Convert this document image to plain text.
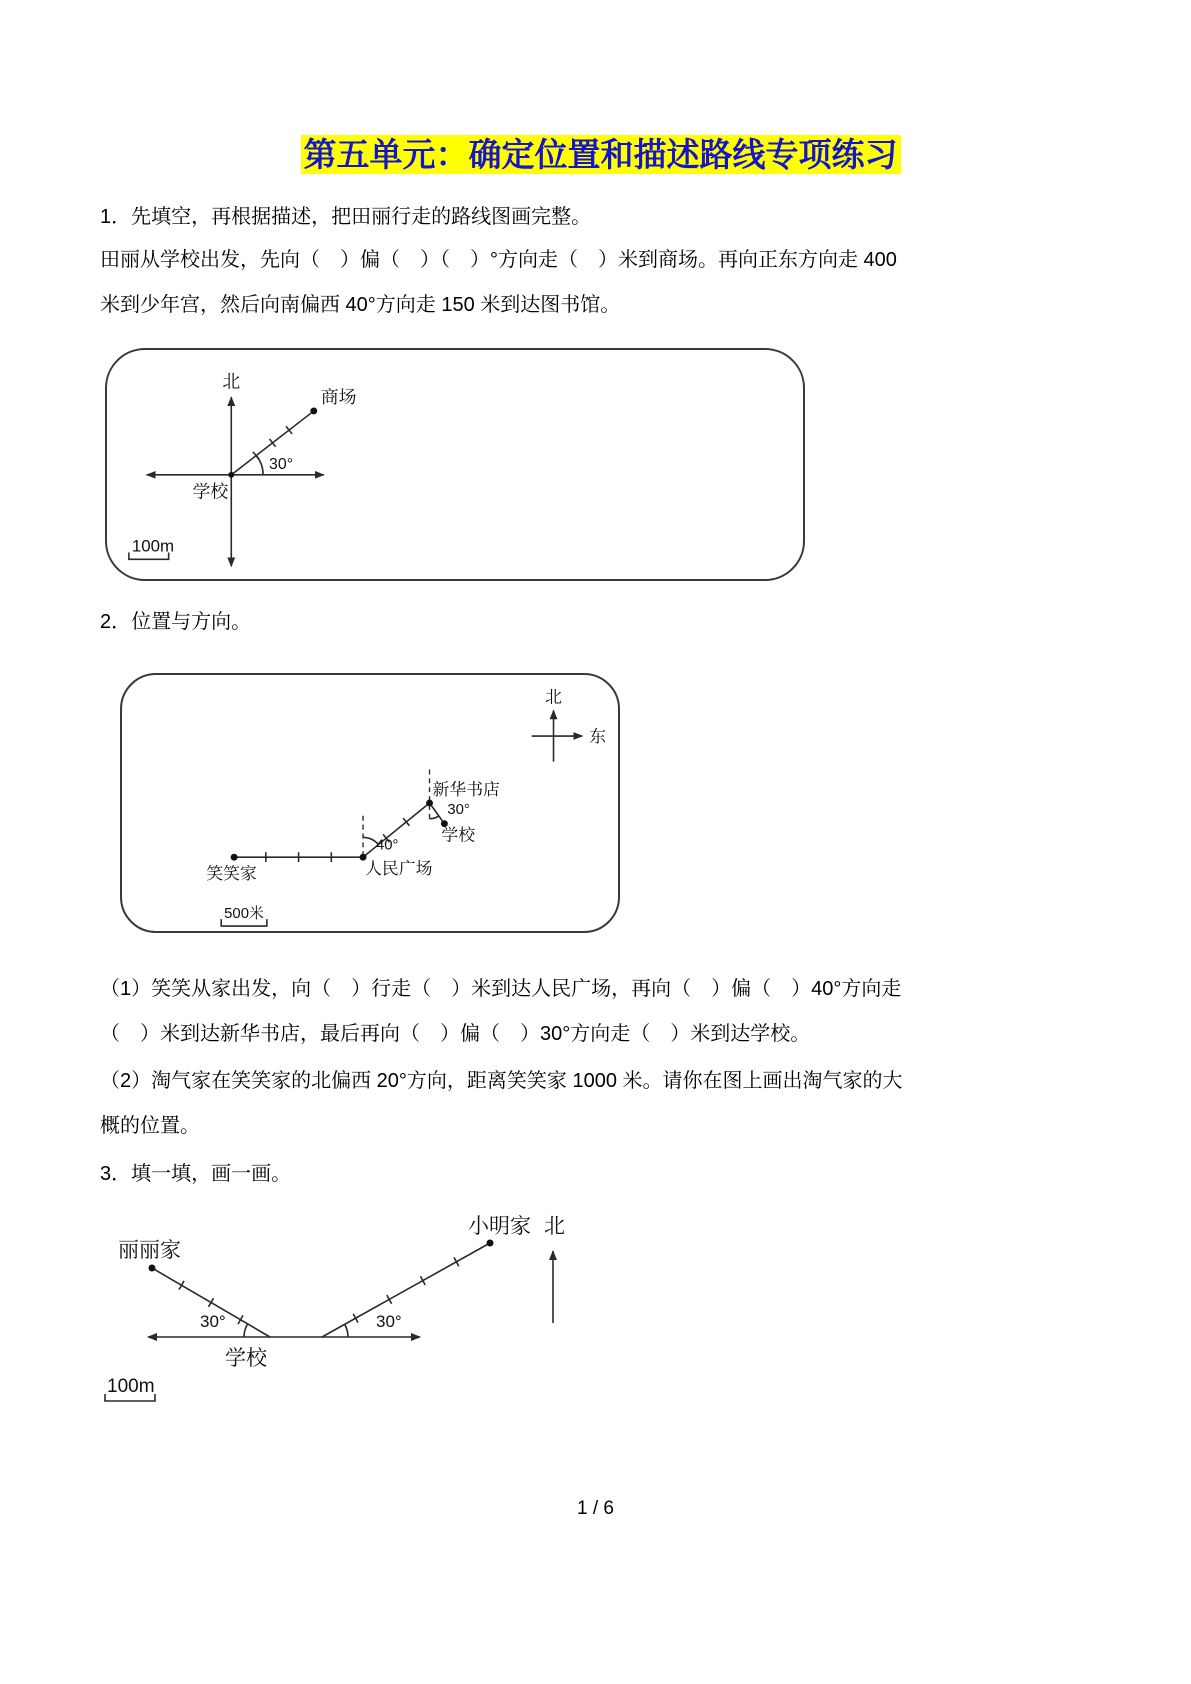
第五单元：确定位置和描述路线专项练习

1．先填空，再根据描述，把田丽行走的路线图画完整。

田丽从学校出发，先向（　）偏（　）（　）°方向走（　）米到商场。再向正东方向走 400
米到少年宫，然后向南偏西 40°方向走 150 米到达图书馆。
北
商场
30°
学校
100m

2．位置与方向。

北
东
新华书店
30°
学校
40°
人民广场
笑笑家
500米
（1）笑笑从家出发，向（　）行走（　）米到达人民广场，再向（　）偏（　）40°方向走
（　）米到达新华书店，最后再向（　）偏（　）30°方向走（　）米到达学校。
（2）淘气家在笑笑家的北偏西 20°方向，距离笑笑家 1000 米。请你在图上画出淘气家的大
概的位置。

3．填一填，画一画。

小明家 北
丽丽家
30°	30°
学校
100m
1 / 6
